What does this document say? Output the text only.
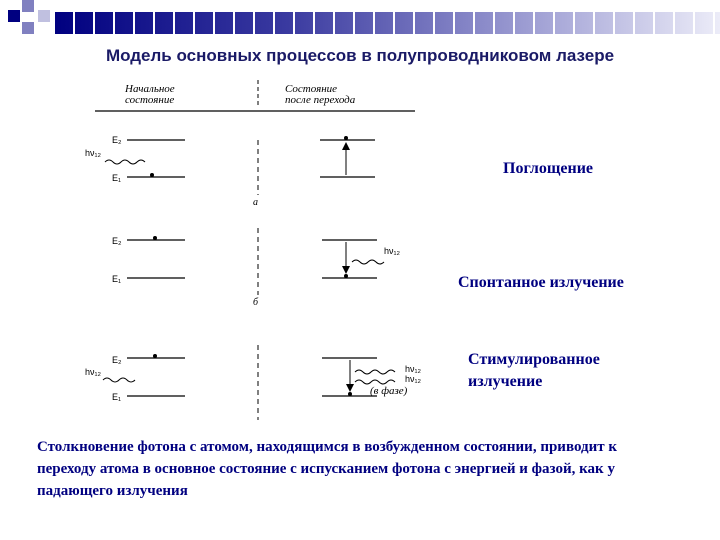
Модель основных процессов в полупроводниковом лазере
Начальное
состояние
Состояние
после перехода
E₂
E₁
hν₁₂
a
E₂
E₁
б
hν₁₂
E₂
E₁
hν₁₂	hν₁₂
hν₁₂
(в фазе)
Поглощение
Спонтанное излучение
Стимулированное
излучение
Столкновение фотона с атомом, находящимся в возбужденном состоянии, приводит к переходу атома в основное состояние с испусканием фотона с энергией и фазой, как у падающего излучения
